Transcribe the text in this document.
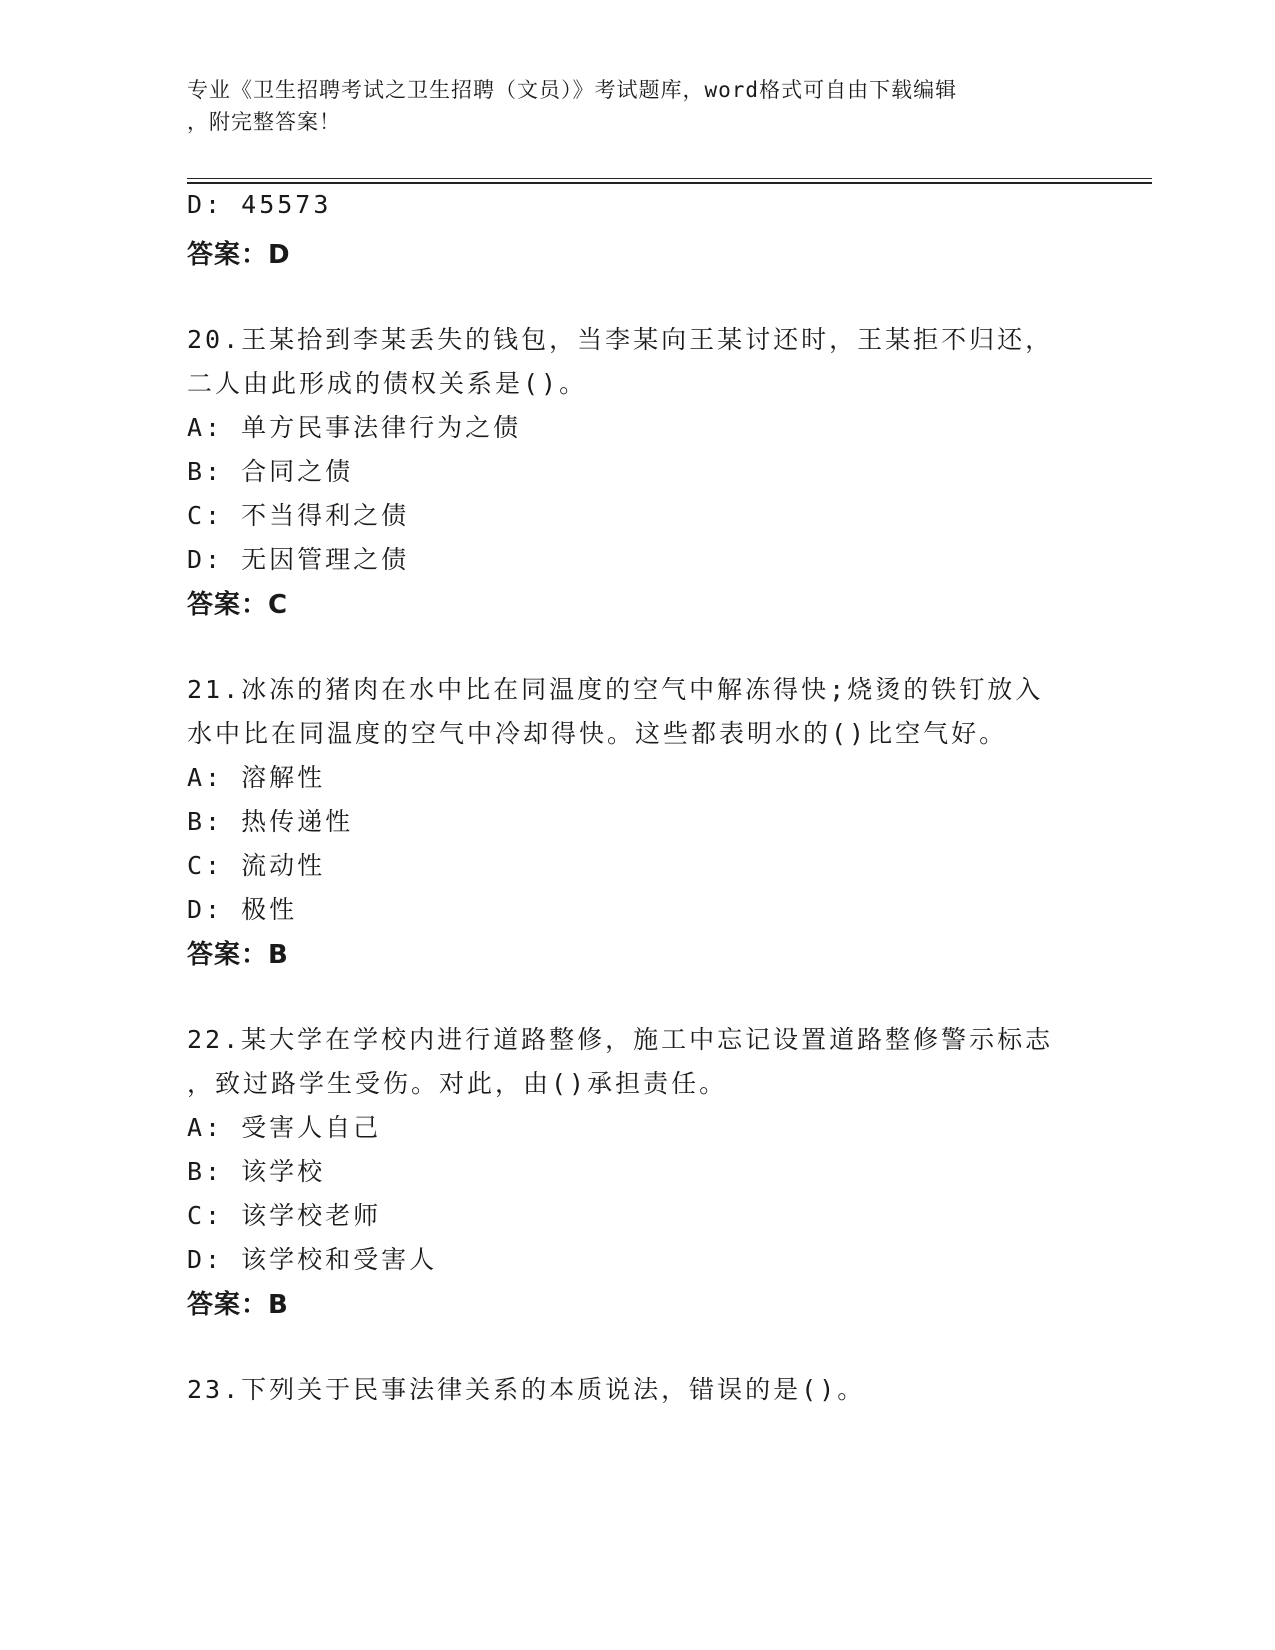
专业《卫生招聘考试之卫生招聘（文员）》考试题库，word格式可自由下载编辑
，附完整答案！
D: 45573
答案：D
20.王某拾到李某丢失的钱包，当李某向王某讨还时，王某拒不归还，
二人由此形成的债权关系是()。
A: 单方民事法律行为之债
B: 合同之债
C: 不当得利之债
D: 无因管理之债
答案：C
21.冰冻的猪肉在水中比在同温度的空气中解冻得快;烧烫的铁钉放入
水中比在同温度的空气中冷却得快。这些都表明水的()比空气好。
A: 溶解性
B: 热传递性
C: 流动性
D: 极性
答案：B
22.某大学在学校内进行道路整修，施工中忘记设置道路整修警示标志
，致过路学生受伤。对此，由()承担责任。
A: 受害人自己
B: 该学校
C: 该学校老师
D: 该学校和受害人
答案：B
23.下列关于民事法律关系的本质说法，错误的是()。
